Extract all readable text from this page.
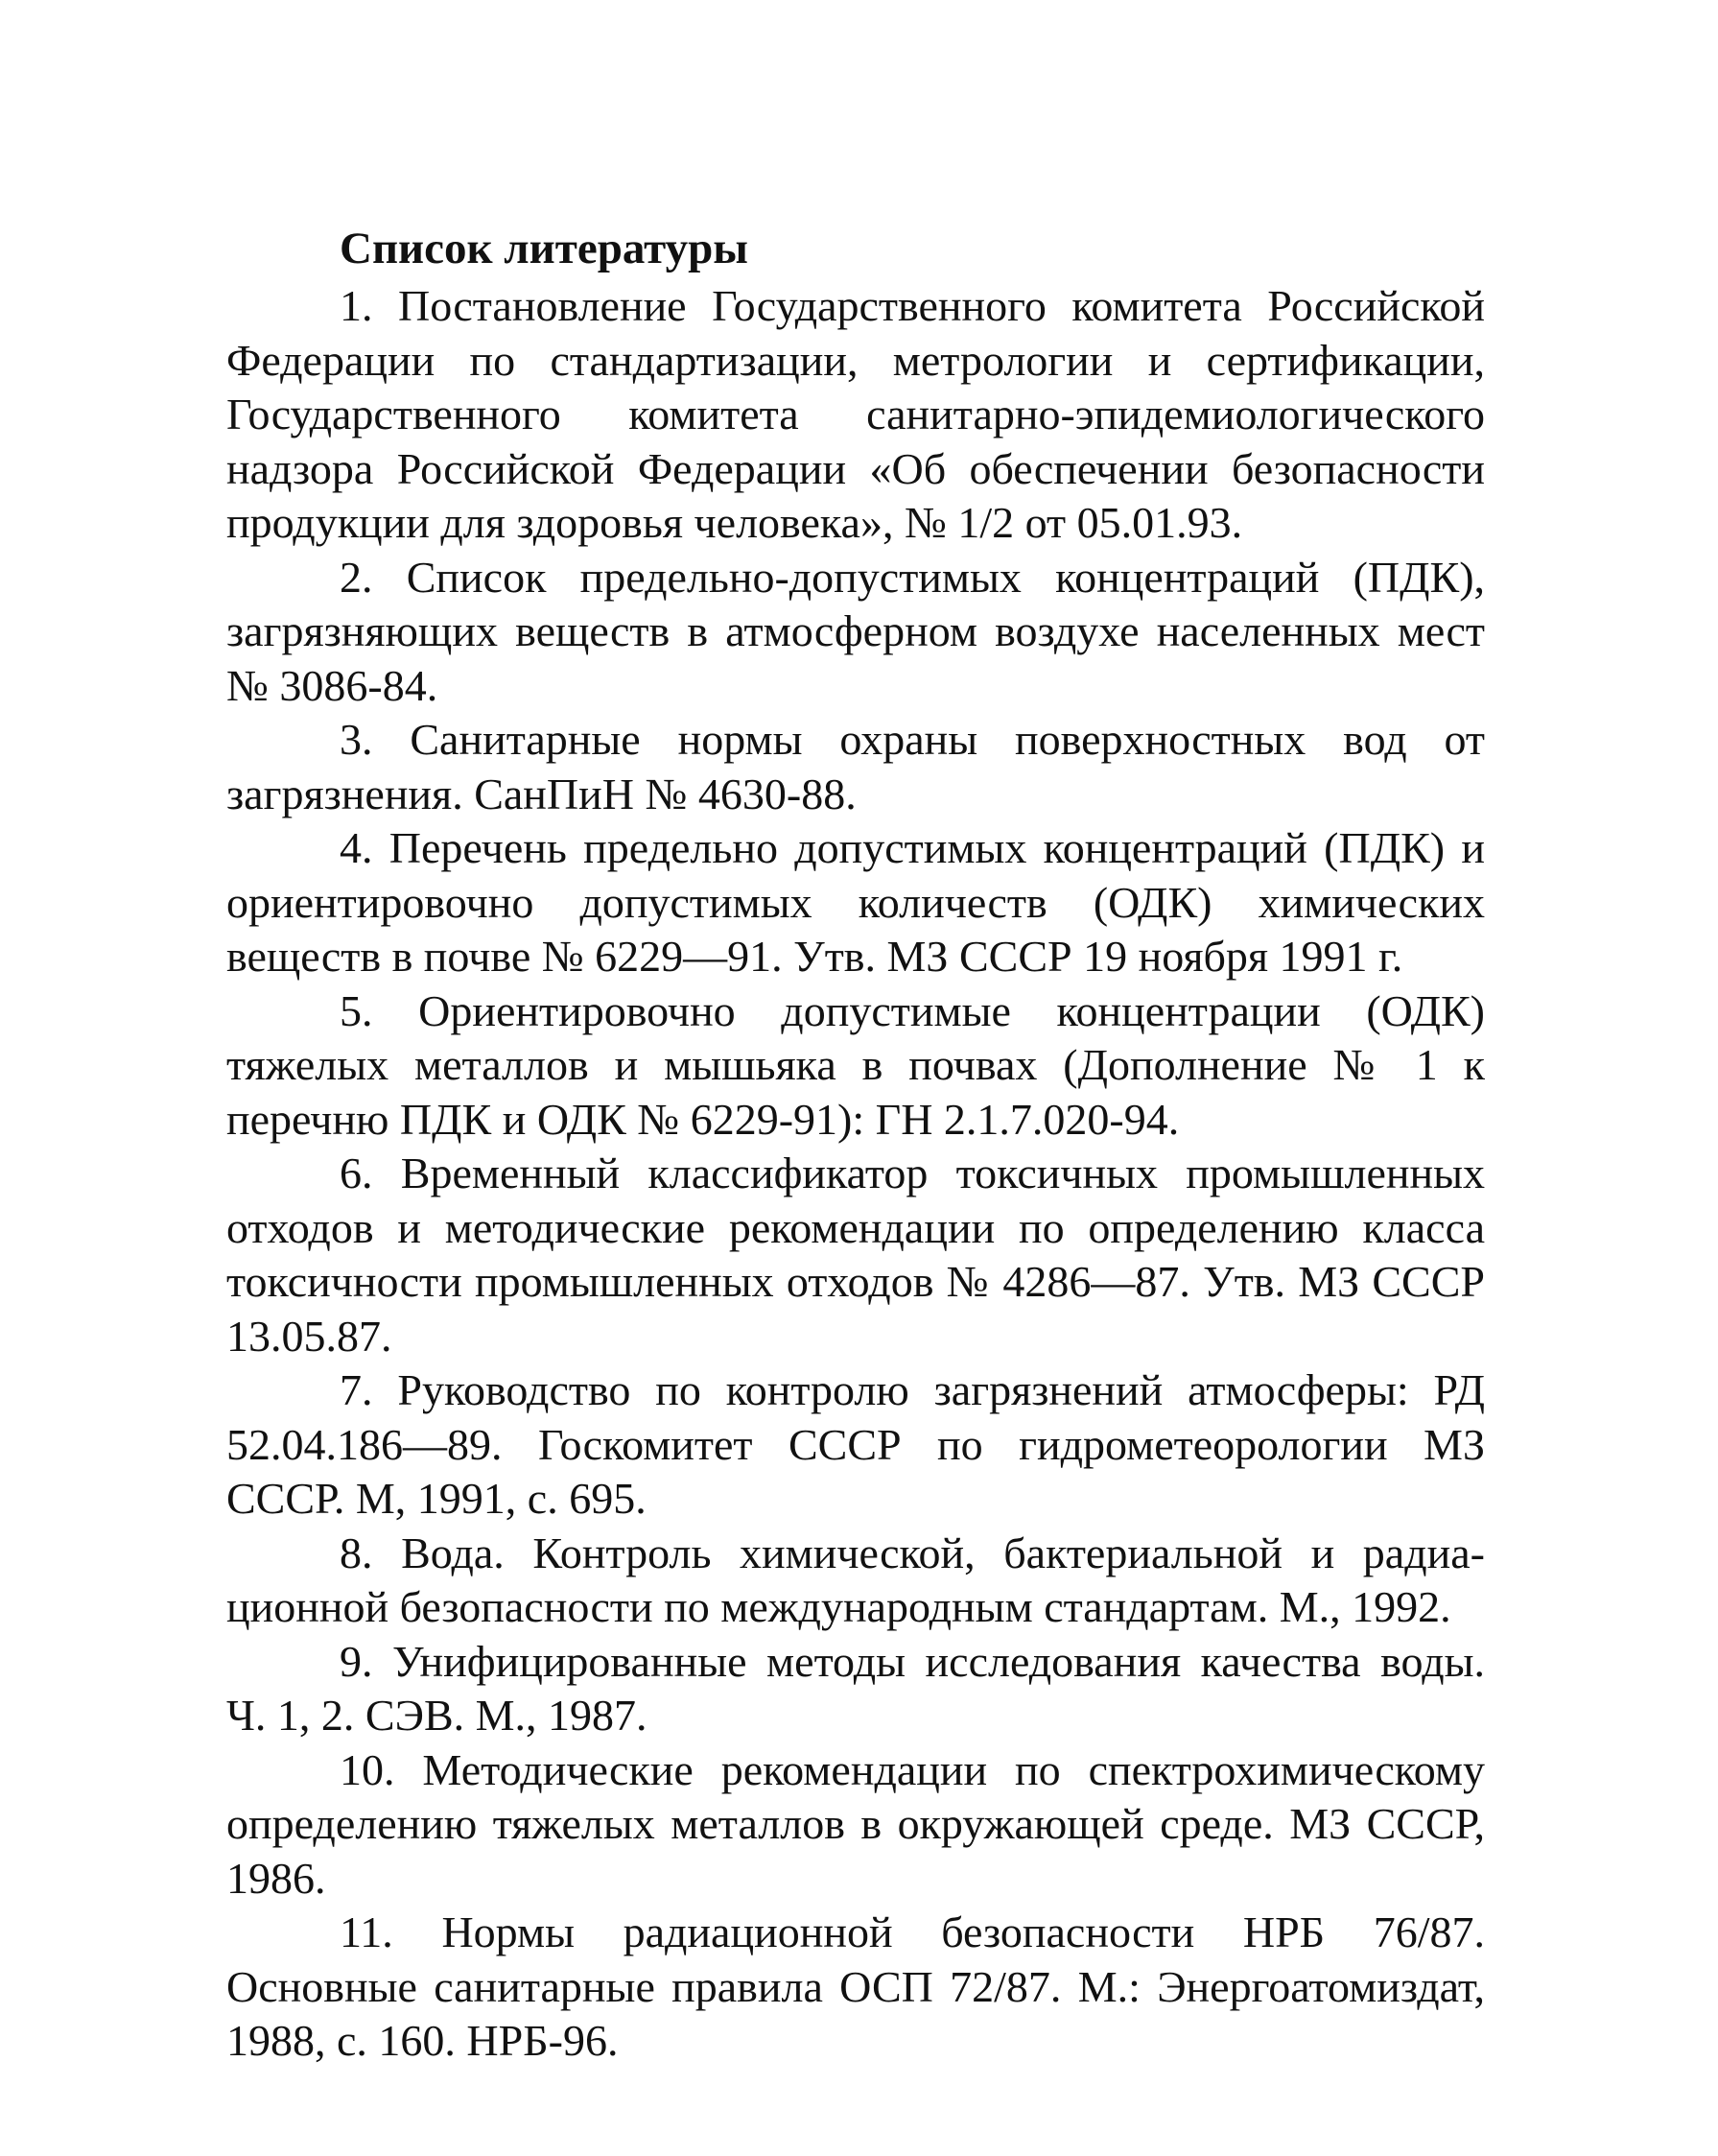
Список литературы

1 . Постановление Государственного комитета Российской Федерации по стандартизации, метрологии и сертификации, Государственного комитета санитарно-эпидемиологического надзора Российской Федерации «Об обеспечении безопасности продукции для здоровья человека», № 1/2 от 05.01.93.

2 . Список предельно-допустимых концентраций (ПДК), загрязняющих веществ в атмосферном воздухе населенных мест № 3086-84.

3 . Санитарные нормы охраны поверхностных вод от загрязнения. СанПиН № 4630-88.

4 . Перечень предельно допустимых концентраций (ПДК) и ориентировочно допустимых количеств (ОДК) химических веществ в почве № 6229—91. Утв. МЗ СССР 19 ноября 1991 г.

5 . Ориентировочно допустимые концентрации (ОДК) тяжелых металлов и мышьяка в почвах (Дополнение № 1 к перечню ПДК и ОДК № 6229-91): ГН 2.1.7.020-94.

6 . Временный классификатор токсичных промышленных отходов и методические рекомендации по определению класса токсичности промышленных отходов № 4286—87. Утв. МЗ СССР 13.05.87.

7 . Руководство по контролю загрязнений атмосферы: РД 52.04.186—89. Госкомитет СССР по гидрометеорологии МЗ СССР. М, 1991, с. 695.

8 . Вода. Контроль химической, бактериальной и радиационной безопасности по международным стандартам. М., 1992.

9 . Унифицированные методы исследования качества воды. Ч. 1, 2. СЭВ. М., 1987.

10 . Методические рекомендации по спектрохимическому определению тяжелых металлов в окружающей среде. МЗ СССР, 1986.

11 . Нормы радиационной безопасности НРБ 76/87. Основные санитарные правила ОСП 72/87. М.: Энергоатомиздат, 1988, с. 160. НРБ-96.
